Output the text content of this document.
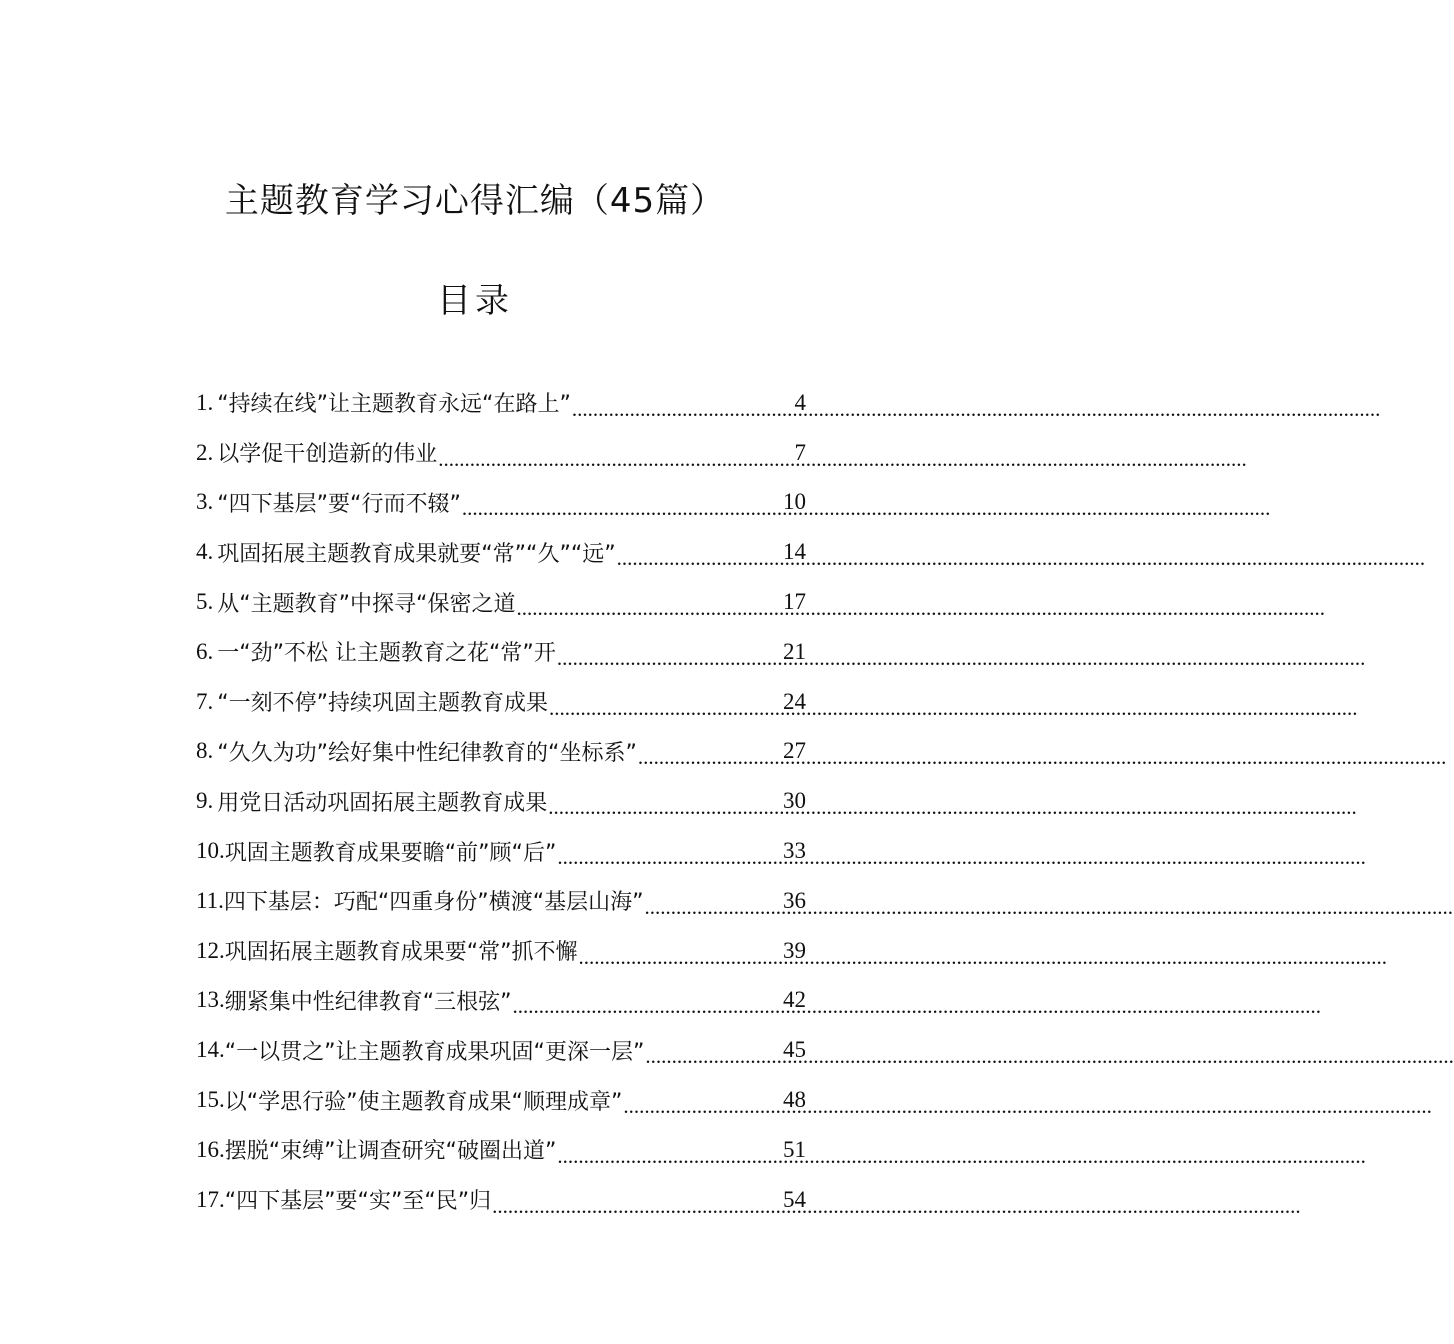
主题教育学习心得汇编（45篇）
目录
1. “持续在线”让主题教育永远“在路上” .....	4
2. 以学促干创造新的伟业 .....	7
3. “四下基层”要“行而不辍” .....	10
4. 巩固拓展主题教育成果就要“常”“久”“远” .....	14
5. 从“主题教育”中探寻“保密之道 .....	17
6. 一“劲”不松 让主题教育之花“常”开 .....	21
7. “一刻不停”持续巩固主题教育成果 .....	24
8. “久久为功”绘好集中性纪律教育的“坐标系” .....	27
9. 用党日活动巩固拓展主题教育成果 .....	30
10. 巩固主题教育成果要瞻“前”顾“后” .....	33
11. 四下基层：巧配“四重身份”横渡“基层山海” .....	36
12. 巩固拓展主题教育成果要“常”抓不懈 .....	39
13. 绷紧集中性纪律教育“三根弦” .....	42
14. “一以贯之”让主题教育成果巩固“更深一层” .....	45
15. 以“学思行验”使主题教育成果“顺理成章” .....	48
16. 摆脱“束缚”让调查研究“破圈出道” .....	51
17. “四下基层”要“实”至“民”归 .....	54
